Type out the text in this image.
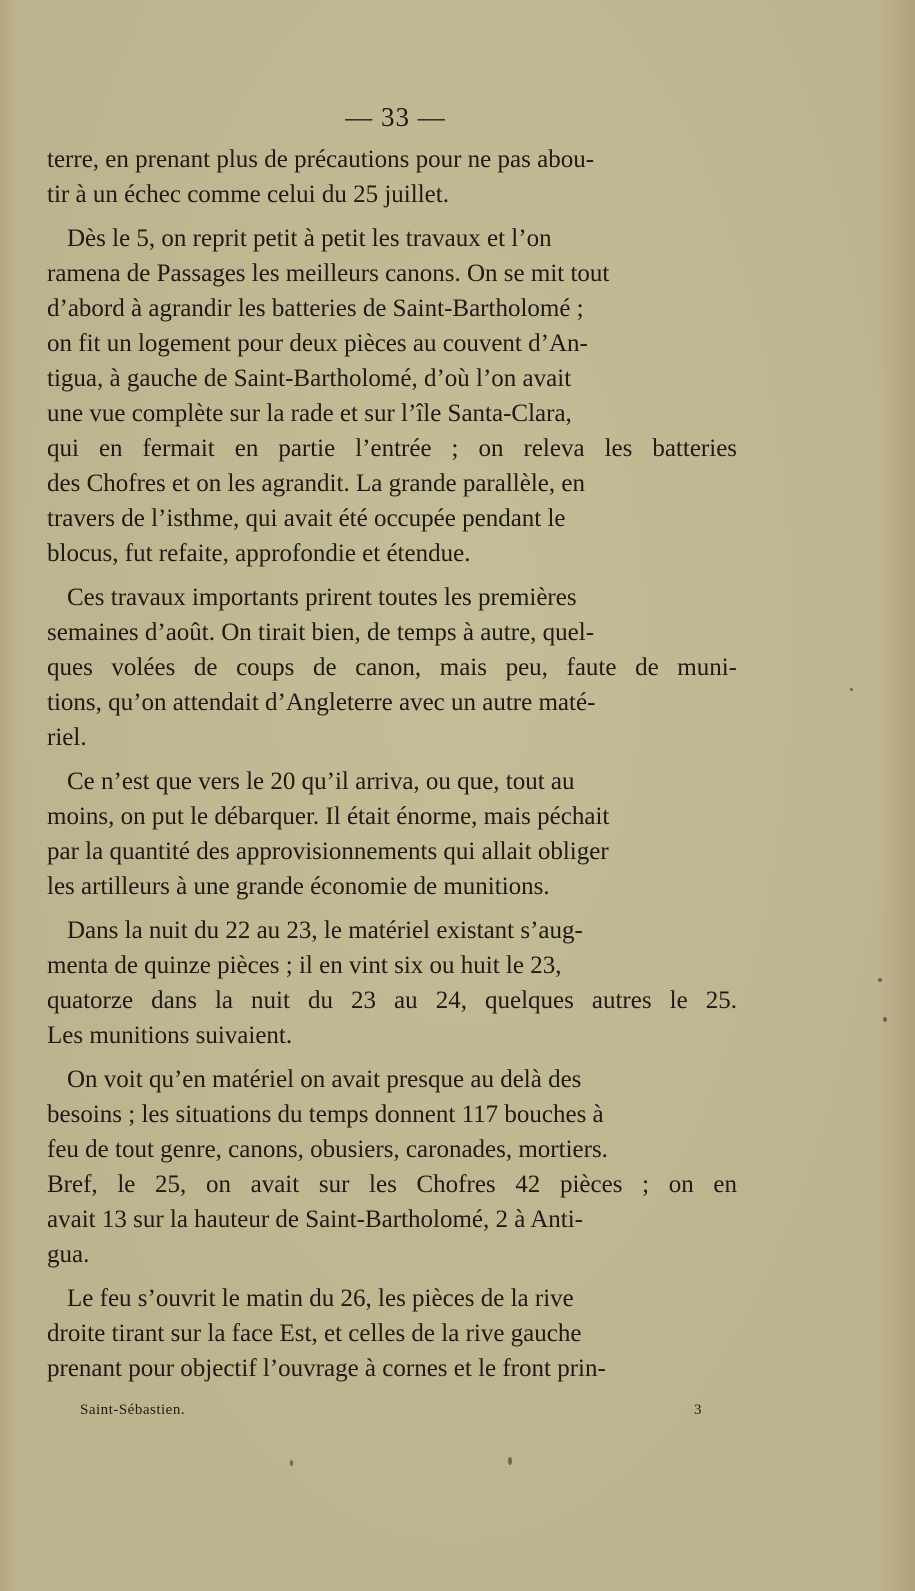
— 33 —
terre, en prenant plus de précautions pour ne pas abou-
tir à un échec comme celui du 25 juillet.
Dès le 5, on reprit petit à petit les travaux et l’on
ramena de Passages les meilleurs canons. On se mit tout
d’abord à agrandir les batteries de Saint-Bartholomé ;
on fit un logement pour deux pièces au couvent d’An-
tigua, à gauche de Saint-Bartholomé, d’où l’on avait
une vue complète sur la rade et sur l’île Santa-Clara,
qui en fermait en partie l’entrée ; on releva les batteries
des Chofres et on les agrandit. La grande parallèle, en
travers de l’isthme, qui avait été occupée pendant le
blocus, fut refaite, approfondie et étendue.
Ces travaux importants prirent toutes les premières
semaines d’août. On tirait bien, de temps à autre, quel-
ques volées de coups de canon, mais peu, faute de muni-
tions, qu’on attendait d’Angleterre avec un autre maté-
riel.
Ce n’est que vers le 20 qu’il arriva, ou que, tout au
moins, on put le débarquer. Il était énorme, mais péchait
par la quantité des approvisionnements qui allait obliger
les artilleurs à une grande économie de munitions.
Dans la nuit du 22 au 23, le matériel existant s’aug-
menta de quinze pièces ; il en vint six ou huit le 23,
quatorze dans la nuit du 23 au 24, quelques autres le 25.
Les munitions suivaient.
On voit qu’en matériel on avait presque au delà des
besoins ; les situations du temps donnent 117 bouches à
feu de tout genre, canons, obusiers, caronades, mortiers.
Bref, le 25, on avait sur les Chofres 42 pièces ; on en
avait 13 sur la hauteur de Saint-Bartholomé, 2 à Anti-
gua.
Le feu s’ouvrit le matin du 26, les pièces de la rive
droite tirant sur la face Est, et celles de la rive gauche
prenant pour objectif l’ouvrage à cornes et le front prin-
Saint-Sébastien.	3
